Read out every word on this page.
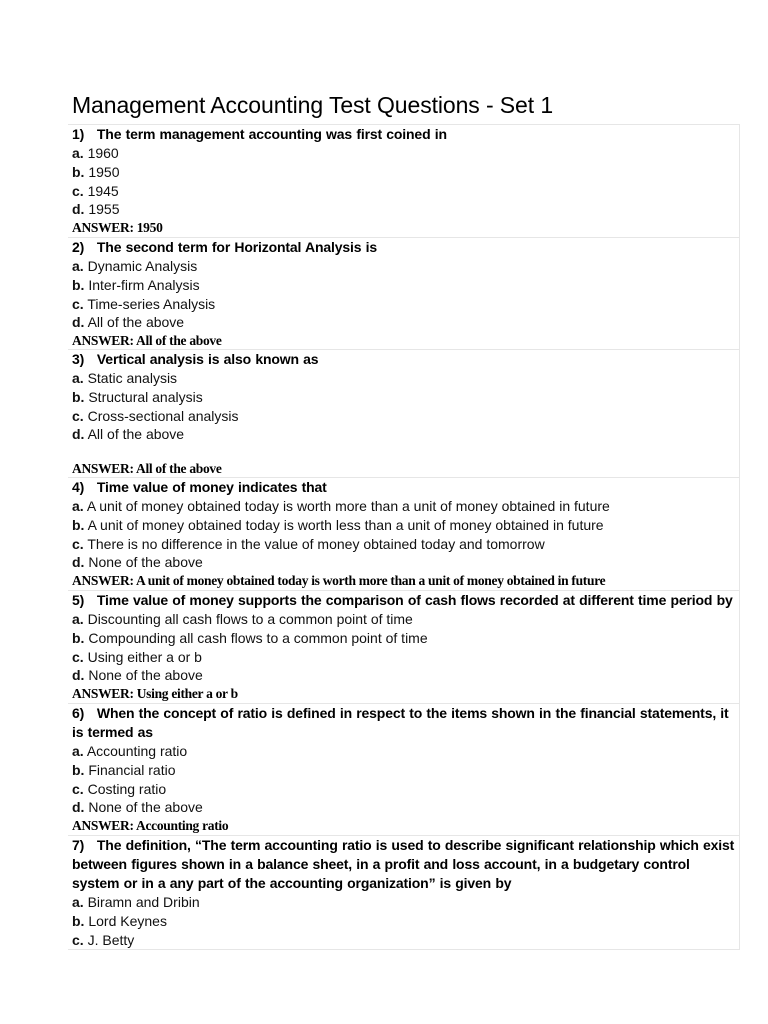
Management Accounting Test Questions - Set 1
1) The term management accounting was first coined in
a. 1960
b. 1950
c. 1945
d. 1955
ANSWER: 1950
2) The second term for Horizontal Analysis is
a. Dynamic Analysis
b. Inter-firm Analysis
c. Time-series Analysis
d. All of the above
ANSWER: All of the above
3) Vertical analysis is also known as
a. Static analysis
b. Structural analysis
c. Cross-sectional analysis
d. All of the above
ANSWER: All of the above
4) Time value of money indicates that
a. A unit of money obtained today is worth more than a unit of money obtained in future
b. A unit of money obtained today is worth less than a unit of money obtained in future
c. There is no difference in the value of money obtained today and tomorrow
d. None of the above
ANSWER: A unit of money obtained today is worth more than a unit of money obtained in future
5) Time value of money supports the comparison of cash flows recorded at different time period by
a. Discounting all cash flows to a common point of time
b. Compounding all cash flows to a common point of time
c. Using either a or b
d. None of the above
ANSWER: Using either a or b
6) When the concept of ratio is defined in respect to the items shown in the financial statements, it is termed as
a. Accounting ratio
b. Financial ratio
c. Costing ratio
d. None of the above
ANSWER: Accounting ratio
7) The definition, “The term accounting ratio is used to describe significant relationship which exist between figures shown in a balance sheet, in a profit and loss account, in a budgetary control system or in a any part of the accounting organization” is given by
a. Biramn and Dribin
b. Lord Keynes
c. J. Betty
